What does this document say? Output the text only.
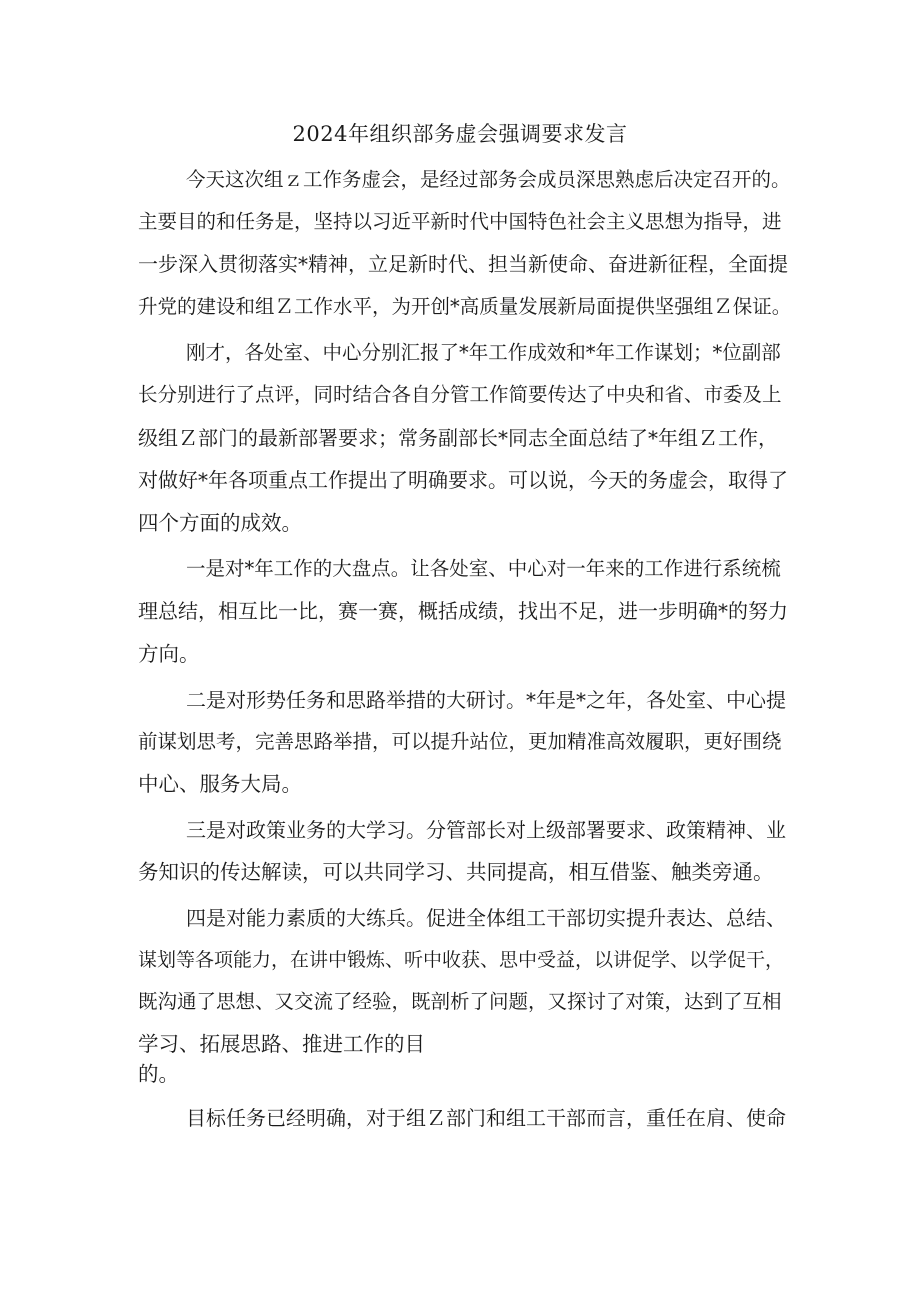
2024年组织部务虚会强调要求发言
今天这次组ｚ工作务虚会，是经过部务会成员深思熟虑后决定召开的。
主要目的和任务是，坚持以习近平新时代中国特色社会主义思想为指导，进
一步深入贯彻落实*精神，立足新时代、担当新使命、奋进新征程，全面提
升党的建设和组Ｚ工作水平，为开创*高质量发展新局面提供坚强组Ｚ保证。
刚才，各处室、中心分别汇报了*年工作成效和*年工作谋划；*位副部
长分别进行了点评，同时结合各自分管工作简要传达了中央和省、市委及上
级组Ｚ部门的最新部署要求；常务副部长*同志全面总结了*年组Ｚ工作，
对做好*年各项重点工作提出了明确要求。可以说，今天的务虚会，取得了
四个方面的成效。
一是对*年工作的大盘点。让各处室、中心对一年来的工作进行系统梳
理总结，相互比一比，赛一赛，概括成绩，找出不足，进一步明确*的努力
方向。
二是对形势任务和思路举措的大研讨。*年是*之年，各处室、中心提
前谋划思考，完善思路举措，可以提升站位，更加精准高效履职，更好围绕
中心、服务大局。
三是对政策业务的大学习。分管部长对上级部署要求、政策精神、业
务知识的传达解读，可以共同学习、共同提高，相互借鉴、触类旁通。
四是对能力素质的大练兵。促进全体组工干部切实提升表达、总结、
谋划等各项能力，在讲中锻炼、听中收获、思中受益，以讲促学、以学促干，
既沟通了思想、又交流了经验，既剖析了问题，又探讨了对策，达到了互相
学习、拓展思路、推进工作的目
的。
目标任务已经明确，对于组Ｚ部门和组工干部而言，重任在肩、使命
